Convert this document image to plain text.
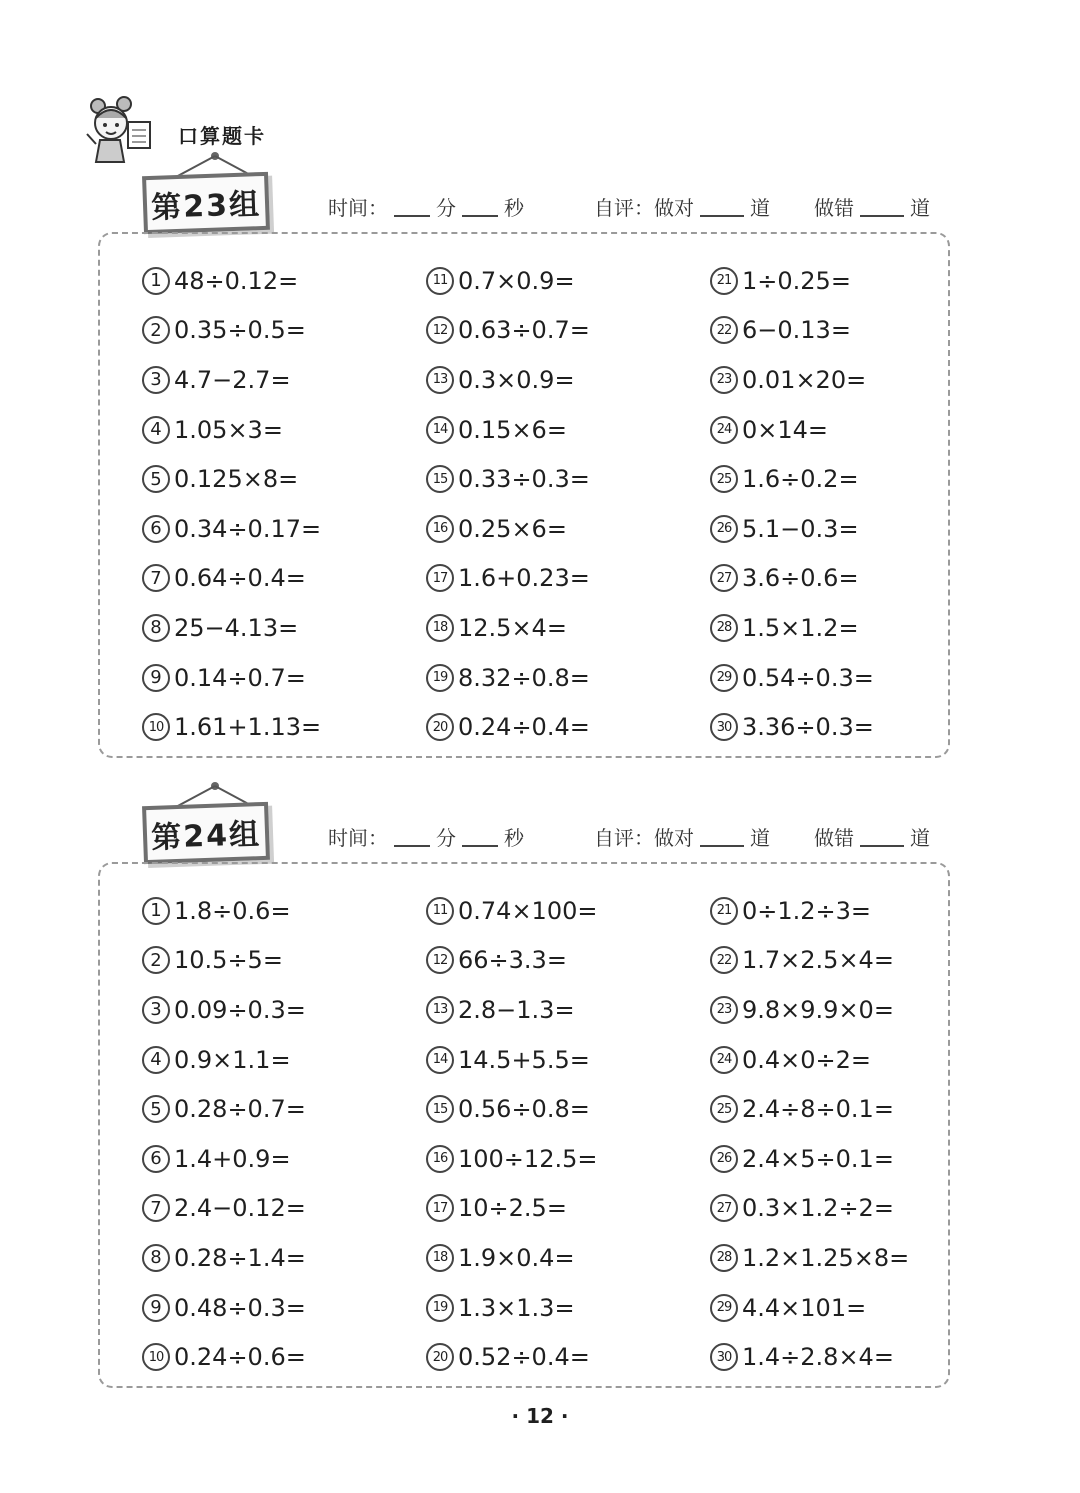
口算题卡
第23组	时间： 分 秒	自评：做对	道 做错	道
1 48÷0.12=
2 0.35÷0.5=
3 4.7−2.7=
4 1.05×3=
5 0.125×8=
6 0.34÷0.17=
7 0.64÷0.4=
8 25−4.13=
9 0.14÷0.7=
10 1.61+1.13=
11 0.7×0.9=
12 0.63÷0.7=
13 0.3×0.9=
14 0.15×6=
15 0.33÷0.3=
16 0.25×6=
17 1.6+0.23=
18 12.5×4=
19 8.32÷0.8=
20 0.24÷0.4=
21 1÷0.25=
22 6−0.13=
23 0.01×20=
24 0×14=
25 1.6÷0.2=
26 5.1−0.3=
27 3.6÷0.6=
28 1.5×1.2=
29 0.54÷0.3=
30 3.36÷0.3=
第24组	时间： 分 秒	自评：做对	道 做错	道
1 1.8÷0.6=
2 10.5÷5=
3 0.09÷0.3=
4 0.9×1.1=
5 0.28÷0.7=
6 1.4+0.9=
7 2.4−0.12=
8 0.28÷1.4=
9 0.48÷0.3=
10 0.24÷0.6=
11 0.74×100=
12 66÷3.3=
13 2.8−1.3=
14 14.5+5.5=
15 0.56÷0.8=
16 100÷12.5=
17 10÷2.5=
18 1.9×0.4=
19 1.3×1.3=
20 0.52÷0.4=
21 0÷1.2÷3=
22 1.7×2.5×4=
23 9.8×9.9×0=
24 0.4×0÷2=
25 2.4÷8÷0.1=
26 2.4×5÷0.1=
27 0.3×1.2÷2=
28 1.2×1.25×8=
29 4.4×101=
30 1.4÷2.8×4=
· 12 ·
